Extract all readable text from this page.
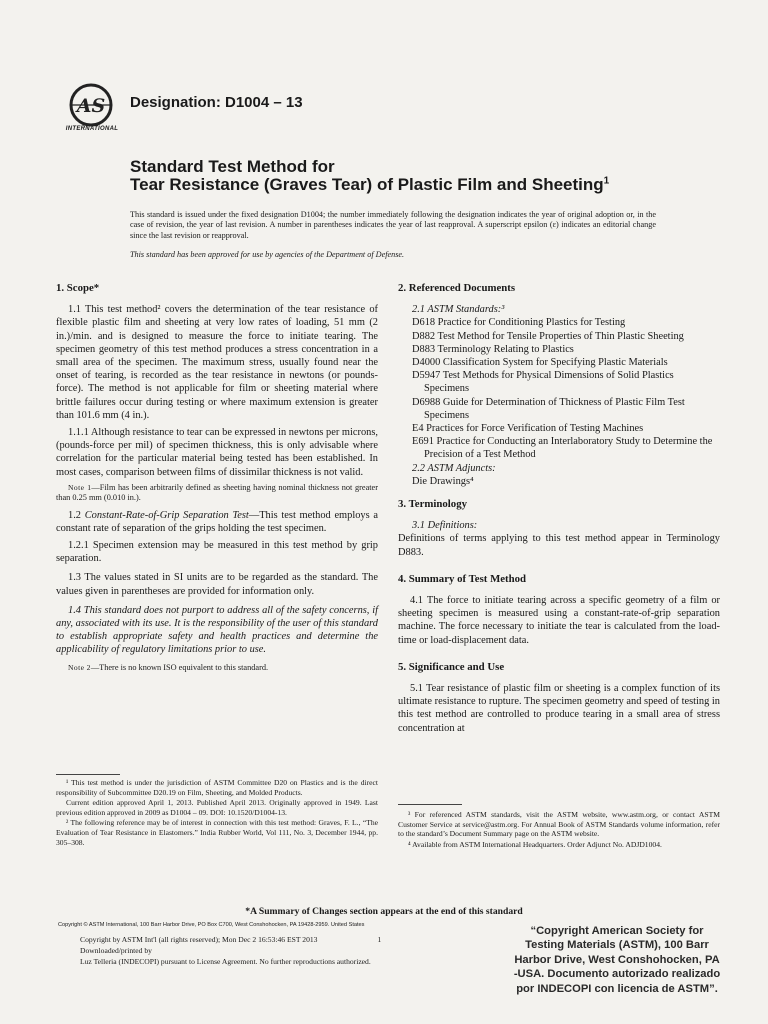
AS
INTERNATIONAL
Designation: D1004 – 13
Standard Test Method for
Tear Resistance (Graves Tear) of Plastic Film and Sheeting$^1$
This standard is issued under the fixed designation D1004; the number immediately following the designation indicates the year of original adoption or, in the case of revision, the year of last revision. A number in parentheses indicates the year of last reapproval. A superscript epsilon (ε) indicates an editorial change since the last revision or reapproval.
This standard has been approved for use by agencies of the Department of Defense.
1. Scope*
1.1 This test method² covers the determination of the tear resistance of flexible plastic film and sheeting at very low rates of loading, 51 mm (2 in.)/min. and is designed to measure the force to initiate tearing. The specimen geometry of this test method produces a stress concentration in a small area of the specimen. The maximum stress, usually found near the onset of tearing, is recorded as the tear resistance in newtons (or pounds-force). The method is not applicable for film or sheeting material where brittle failures occur during testing or where maximum extension is greater than 101.6 mm (4 in.).
1.1.1 Although resistance to tear can be expressed in newtons per microns, (pounds-force per mil) of specimen thickness, this is only advisable where correlation for the particular material being tested has been established. In most cases, comparison between films of dissimilar thickness is not valid.
Note 1—Film has been arbitrarily defined as sheeting having nominal thickness not greater than 0.25 mm (0.010 in.).
1.2 Constant-Rate-of-Grip Separation Test—This test method employs a constant rate of separation of the grips holding the test specimen.
1.2.1 Specimen extension may be measured in this test method by grip separation.
1.3 The values stated in SI units are to be regarded as the standard. The values given in parentheses are provided for information only.
1.4 This standard does not purport to address all of the safety concerns, if any, associated with its use. It is the responsibility of the user of this standard to establish appropriate safety and health practices and determine the applicability of regulatory limitations prior to use.
Note 2—There is no known ISO equivalent to this standard.
2. Referenced Documents
2.1 ASTM Standards:³
D618 Practice for Conditioning Plastics for Testing
D882 Test Method for Tensile Properties of Thin Plastic Sheeting
D883 Terminology Relating to Plastics
D4000 Classification System for Specifying Plastic Materials
D5947 Test Methods for Physical Dimensions of Solid Plastics Specimens
D6988 Guide for Determination of Thickness of Plastic Film Test Specimens
E4 Practices for Force Verification of Testing Machines
E691 Practice for Conducting an Interlaboratory Study to Determine the Precision of a Test Method
2.2 ASTM Adjuncts:
Die Drawings⁴
3. Terminology
3.1 Definitions:
Definitions of terms applying to this test method appear in Terminology D883.
4. Summary of Test Method
4.1 The force to initiate tearing across a specific geometry of a film or sheeting specimen is measured using a constant-rate-of-grip separation machine. The force necessary to initiate the tear is calculated from the load-time or load-displacement data.
5. Significance and Use
5.1 Tear resistance of plastic film or sheeting is a complex function of its ultimate resistance to rupture. The specimen geometry and speed of testing in this test method are controlled to produce tearing in a small area of stress concentration at

¹ This test method is under the jurisdiction of ASTM Committee D20 on Plastics and is the direct responsibility of Subcommittee D20.19 on Film, Sheeting, and Molded Products.

Current edition approved April 1, 2013. Published April 2013. Originally approved in 1949. Last previous edition approved in 2009 as D1004 – 09. DOI: 10.1520/D1004-13.

² The following reference may be of interest in connection with this test method: Graves, F. L., “The Evaluation of Tear Resistance in Elastomers.” India Rubber World, Vol 111, No. 3, December 1944, pp. 305–308.

³ For referenced ASTM standards, visit the ASTM website, www.astm.org, or contact ASTM Customer Service at service@astm.org. For Annual Book of ASTM Standards volume information, refer to the standard’s Document Summary page on the ASTM website.

⁴ Available from ASTM International Headquarters. Order Adjunct No. ADJD1004.

*A Summary of Changes section appears at the end of this standard
Copyright © ASTM International, 100 Barr Harbor Drive, PO Box C700, West Conshohocken, PA 19428-2959. United States
Copyright by ASTM Int'l (all rights reserved); Mon Dec 2 16:53:46 EST 2013	1
Downloaded/printed by
Luz Telleria (INDECOPI) pursuant to License Agreement. No further reproductions authorized.
“Copyright American Society for
Testing Materials (ASTM), 100 Barr
Harbor Drive, West Conshohocken, PA
-USA. Documento autorizado realizado
por INDECOPI con licencia de ASTM”.
